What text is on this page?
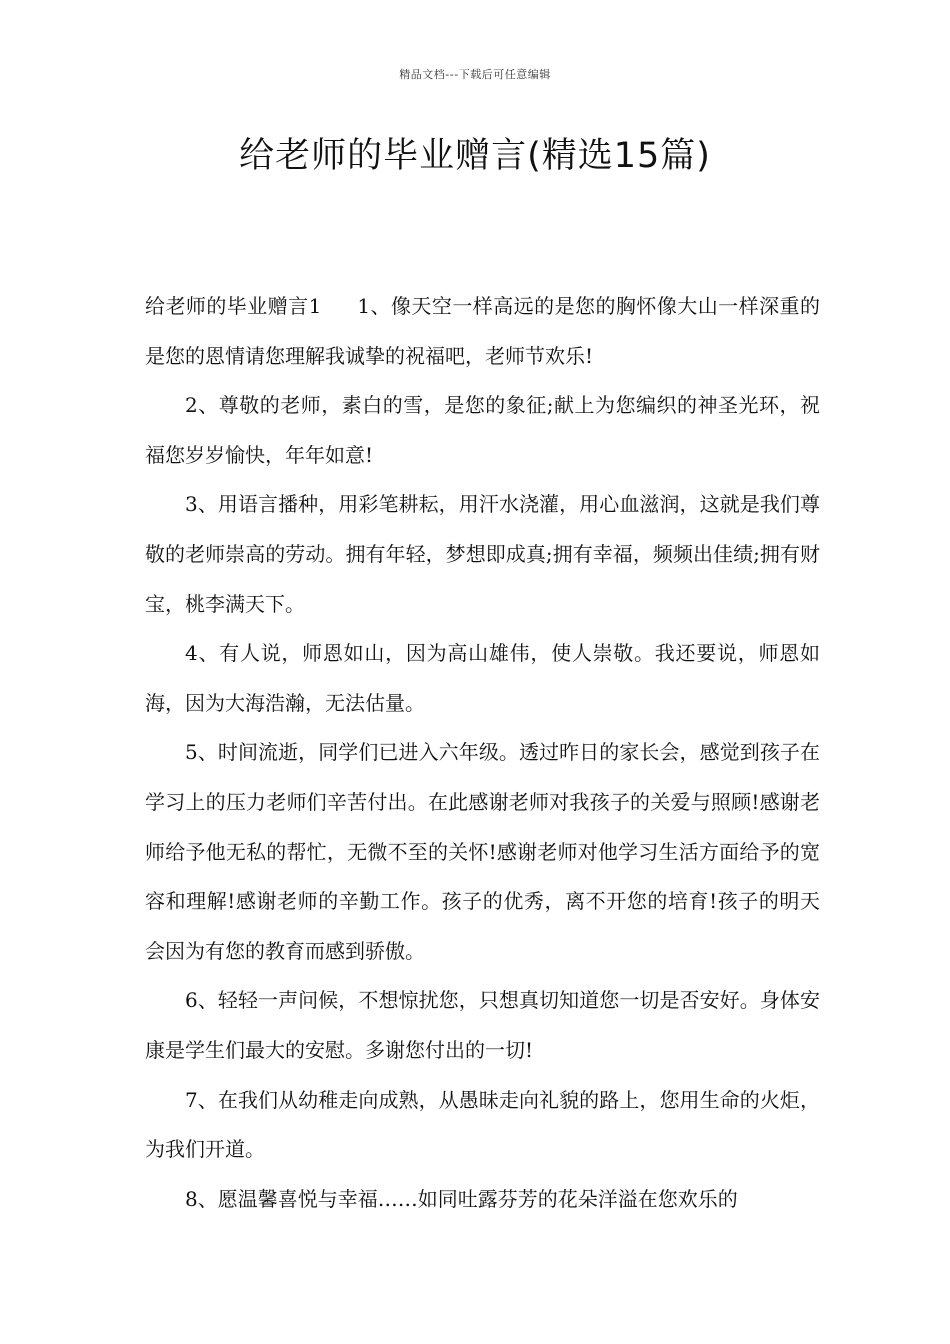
精品文档---下载后可任意编辑
给老师的毕业赠言(精选15篇)

给老师的毕业赠言1 1、像天空一样高远的是您的胸怀像大山一样深重的是您的恩情请您理解我诚挚的祝福吧，老师节欢乐!

2、尊敬的老师，素白的雪，是您的象征;献上为您编织的神圣光环，祝福您岁岁愉快，年年如意!

3、用语言播种，用彩笔耕耘，用汗水浇灌，用心血滋润，这就是我们尊敬的老师崇高的劳动。拥有年轻，梦想即成真;拥有幸福，频频出佳绩;拥有财宝，桃李满天下。

4、有人说，师恩如山，因为高山雄伟，使人崇敬。我还要说，师恩如海，因为大海浩瀚，无法估量。

5、时间流逝，同学们已进入六年级。透过昨日的家长会，感觉到孩子在学习上的压力老师们辛苦付出。在此感谢老师对我孩子的关爱与照顾!感谢老师给予他无私的帮忙，无微不至的关怀!感谢老师对他学习生活方面给予的宽容和理解!感谢老师的辛勤工作。孩子的优秀，离不开您的培育!孩子的明天会因为有您的教育而感到骄傲。

6、轻轻一声问候，不想惊扰您，只想真切知道您一切是否安好。身体安康是学生们最大的安慰。多谢您付出的一切!

7、在我们从幼稚走向成熟，从愚昧走向礼貌的路上，您用生命的火炬，为我们开道。

8、愿温馨喜悦与幸福……如同吐露芬芳的花朵洋溢在您欢乐的
